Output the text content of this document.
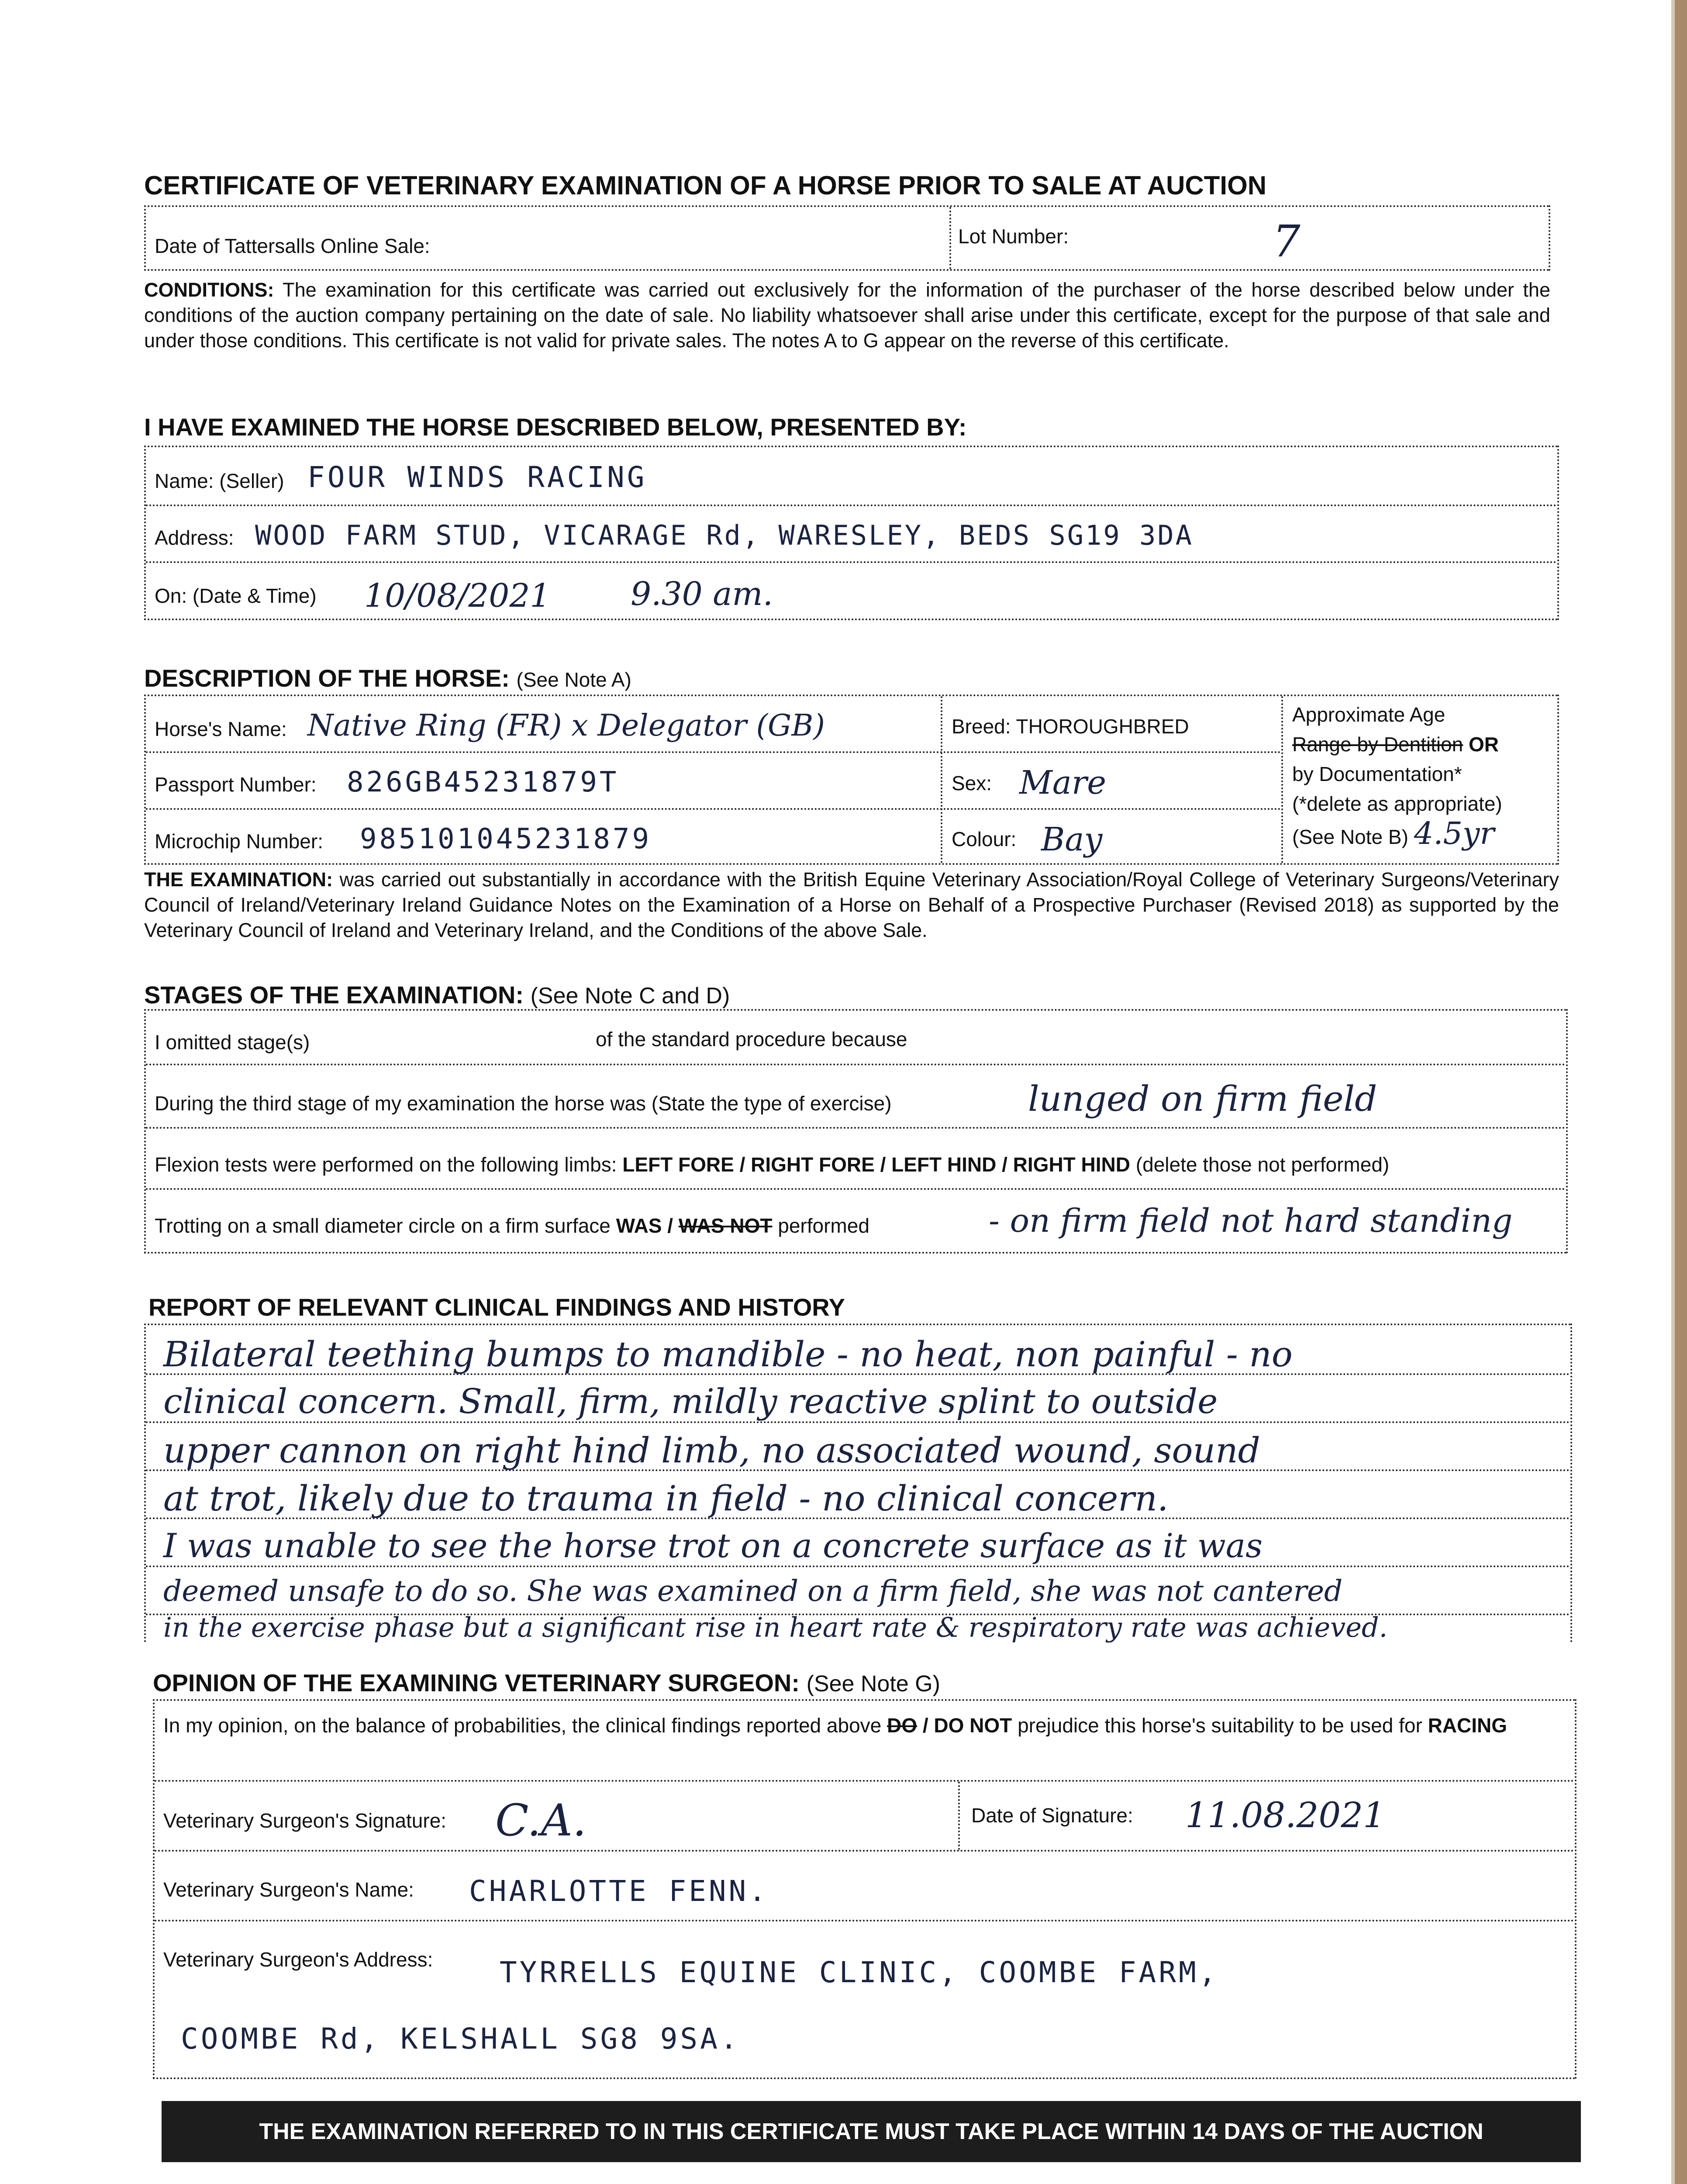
CERTIFICATE OF VETERINARY EXAMINATION OF A HORSE PRIOR TO SALE AT AUCTION
Date of Tattersalls Online Sale:	Lot Number:	7
CONDITIONS: The examination for this certificate was carried out exclusively for the information of the purchaser of the horse described below under the conditions of the auction company pertaining on the date of sale. No liability whatsoever shall arise under this certificate, except for the purpose of that sale and under those conditions. This certificate is not valid for private sales. The notes A to G appear on the reverse of this certificate.
I HAVE EXAMINED THE HORSE DESCRIBED BELOW, PRESENTED BY:
Name: (Seller) FOUR WINDS RACING
Address: WOOD FARM STUD, VICARAGE Rd, WARESLEY, BEDS SG19 3DA
On: (Date & Time) 10/08/2021 9.30 am.
DESCRIPTION OF THE HORSE: (See Note A)
Horse's Name: Native Ring (FR) x Delegator (GB)	Breed: THOROUGHBRED
Passport Number: 826GB45231879T	Sex: Mare
Microchip Number: 985101045231879	Colour: Bay
Approximate Age
Range by Dentition OR
by Documentation*
(*delete as appropriate)
(See Note B) 4.5yr
THE EXAMINATION: was carried out substantially in accordance with the British Equine Veterinary Association/Royal College of Veterinary Surgeons/Veterinary Council of Ireland/Veterinary Ireland Guidance Notes on the Examination of a Horse on Behalf of a Prospective Purchaser (Revised 2018) as supported by the Veterinary Council of Ireland and Veterinary Ireland, and the Conditions of the above Sale.
STAGES OF THE EXAMINATION: (See Note C and D)
I omitted stage(s)	of the standard procedure because
During the third stage of my examination the horse was (State the type of exercise)	lunged on firm field
Flexion tests were performed on the following limbs: LEFT FORE / RIGHT FORE / LEFT HIND / RIGHT HIND (delete those not performed)
Trotting on a small diameter circle on a firm surface WAS / WAS NOT performed	- on firm field not hard standing
REPORT OF RELEVANT CLINICAL FINDINGS AND HISTORY
Bilateral teething bumps to mandible - no heat, non painful - no
clinical concern. Small, firm, mildly reactive splint to outside
upper cannon on right hind limb, no associated wound, sound
at trot, likely due to trauma in field - no clinical concern.
I was unable to see the horse trot on a concrete surface as it was
deemed unsafe to do so. She was examined on a firm field, she was not cantered
in the exercise phase but a significant rise in heart rate & respiratory rate was achieved.
OPINION OF THE EXAMINING VETERINARY SURGEON: (See Note G)
In my opinion, on the balance of probabilities, the clinical findings reported above DO / DO NOT prejudice this horse's suitability to be used for RACING
Veterinary Surgeon's Signature: C.A.	Date of Signature: 11.08.2021
Veterinary Surgeon's Name: CHARLOTTE FENN.
Veterinary Surgeon's Address: TYRRELLS EQUINE CLINIC, COOMBE FARM,
COOMBE Rd, KELSHALL SG8 9SA.
THE EXAMINATION REFERRED TO IN THIS CERTIFICATE MUST TAKE PLACE WITHIN 14 DAYS OF THE AUCTION
